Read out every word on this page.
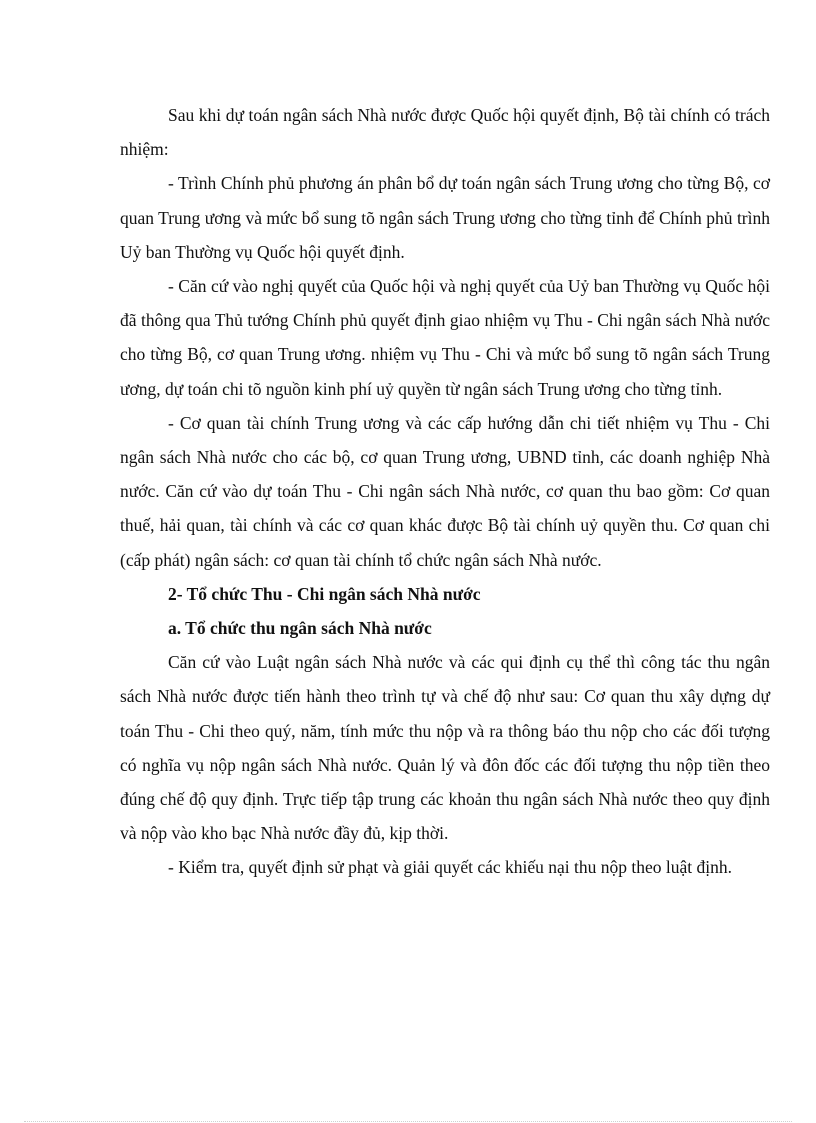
Sau khi dự toán ngân sách Nhà nước được Quốc hội quyết định, Bộ tài chính có trách nhiệm:

- Trình Chính phủ phương án phân bổ dự toán ngân sách Trung ương cho từng Bộ, cơ quan Trung ương và mức bổ sung tõ ngân sách Trung ương cho từng tỉnh để Chính phủ trình Uỷ ban Thường vụ Quốc hội quyết định.

- Căn cứ vào nghị quyết của Quốc hội và nghị quyết của Uỷ ban Thường vụ Quốc hội đã thông qua Thủ tướng Chính phủ quyết định giao nhiệm vụ Thu - Chi ngân sách Nhà nước cho từng Bộ, cơ quan Trung ương. nhiệm vụ Thu - Chi và mức bổ sung tõ ngân sách Trung ương, dự toán chi tõ nguồn kinh phí uỷ quyền từ ngân sách Trung ương cho từng tỉnh.

- Cơ quan tài chính Trung ương và các cấp hướng dẫn chi tiết nhiệm vụ Thu - Chi ngân sách Nhà nước cho các bộ, cơ quan Trung ương, UBND tỉnh, các doanh nghiệp Nhà nước. Căn cứ vào dự toán Thu - Chi ngân sách Nhà nước, cơ quan thu bao gồm: Cơ quan thuế, hải quan, tài chính và các cơ quan khác được Bộ tài chính uỷ quyền thu. Cơ quan chi (cấp phát) ngân sách: cơ quan tài chính tổ chức ngân sách Nhà nước.

2- Tổ chức Thu - Chi ngân sách Nhà nước

a. Tổ chức thu ngân sách Nhà nước

Căn cứ vào Luật ngân sách Nhà nước và các qui định cụ thể thì công tác thu ngân sách Nhà nước được tiến hành theo trình tự và chế độ như sau: Cơ quan thu xây dựng dự toán Thu - Chi theo quý, năm, tính mức thu nộp và ra thông báo thu nộp cho các đối tượng có nghĩa vụ nộp ngân sách Nhà nước. Quản lý và đôn đốc các đối tượng thu nộp tiền theo đúng chế độ quy định. Trực tiếp tập trung các khoản thu ngân sách Nhà nước theo quy định và nộp vào kho bạc Nhà nước đầy đủ, kịp thời.

- Kiểm tra, quyết định sử phạt và giải quyết các khiếu nại thu nộp theo luật định.
